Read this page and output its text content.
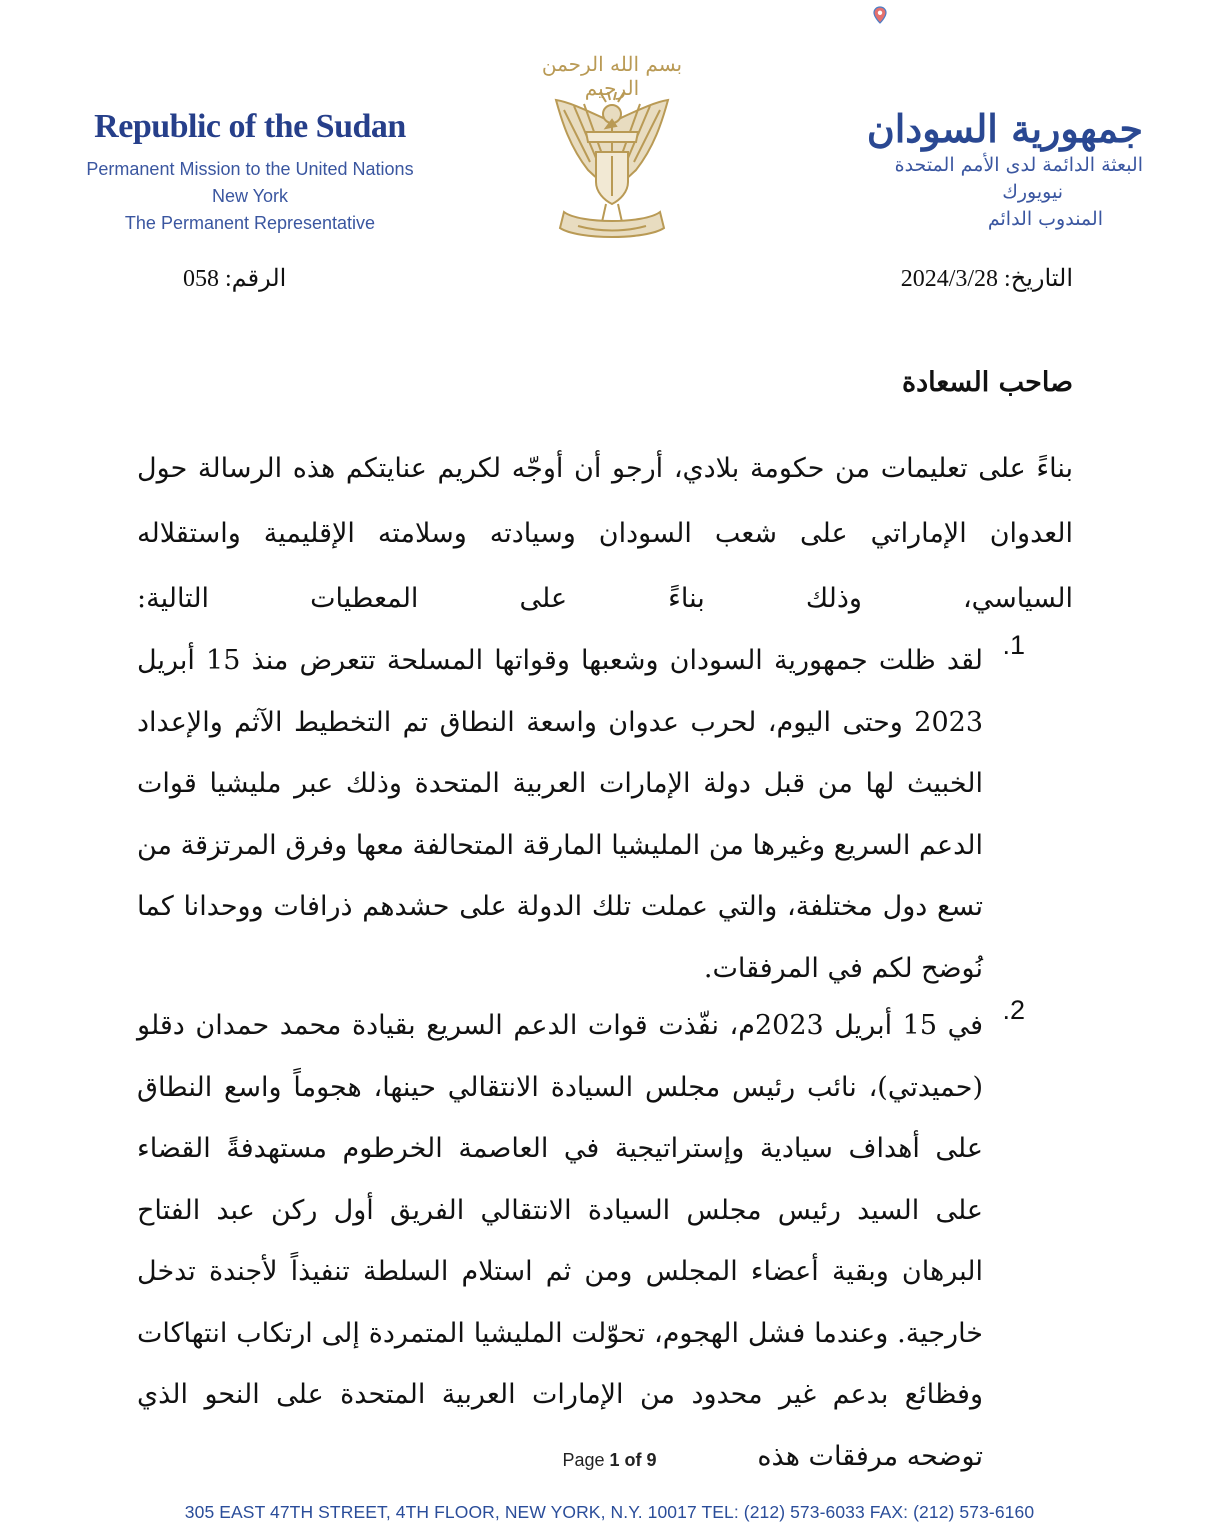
Republic of the Sudan
Permanent Mission to the United Nations
New York
The Permanent Representative
بسم الله الرحمن الرحيم
جمهورية السودان
البعثة الدائمة لدى الأمم المتحدة
نيويورك
المندوب الدائم
التاريخ: 2024/3/28
الرقم: 058
صاحب السعادة
بناءً على تعليمات من حكومة بلادي، أرجو أن أوجّه لكريم عنايتكم هذه الرسالة حول العدوان الإماراتي على شعب السودان وسيادته وسلامته الإقليمية واستقلاله السياسي، وذلك بناءً على المعطيات التالية:
1.
لقد ظلت جمهورية السودان وشعبها وقواتها المسلحة تتعرض منذ 15 أبريل 2023 وحتى اليوم، لحرب عدوان واسعة النطاق تم التخطيط الآثم والإعداد الخبيث لها من قبل دولة الإمارات العربية المتحدة وذلك عبر مليشيا قوات الدعم السريع وغيرها من المليشيا المارقة المتحالفة معها وفرق المرتزقة من تسع دول مختلفة، والتي عملت تلك الدولة على حشدهم ذرافات ووحدانا كما نُوضح لكم في المرفقات.
2.
في 15 أبريل 2023م، نفّذت قوات الدعم السريع بقيادة محمد حمدان دقلو (حميدتي)، نائب رئيس مجلس السيادة الانتقالي حينها، هجوماً واسع النطاق على أهداف سيادية وإستراتيجية في العاصمة الخرطوم مستهدفةً القضاء على السيد رئيس مجلس السيادة الانتقالي الفريق أول ركن عبد الفتاح البرهان وبقية أعضاء المجلس ومن ثم استلام السلطة تنفيذاً لأجندة تدخل خارجية. وعندما فشل الهجوم، تحوّلت المليشيا المتمردة إلى ارتكاب انتهاكات وفظائع بدعم غير محدود من الإمارات العربية المتحدة على النحو الذي توضحه مرفقات هذه
Page 1 of 9
305 EAST 47TH STREET, 4TH FLOOR, NEW YORK, N.Y. 10017 TEL: (212) 573-6033 FAX: (212) 573-6160
